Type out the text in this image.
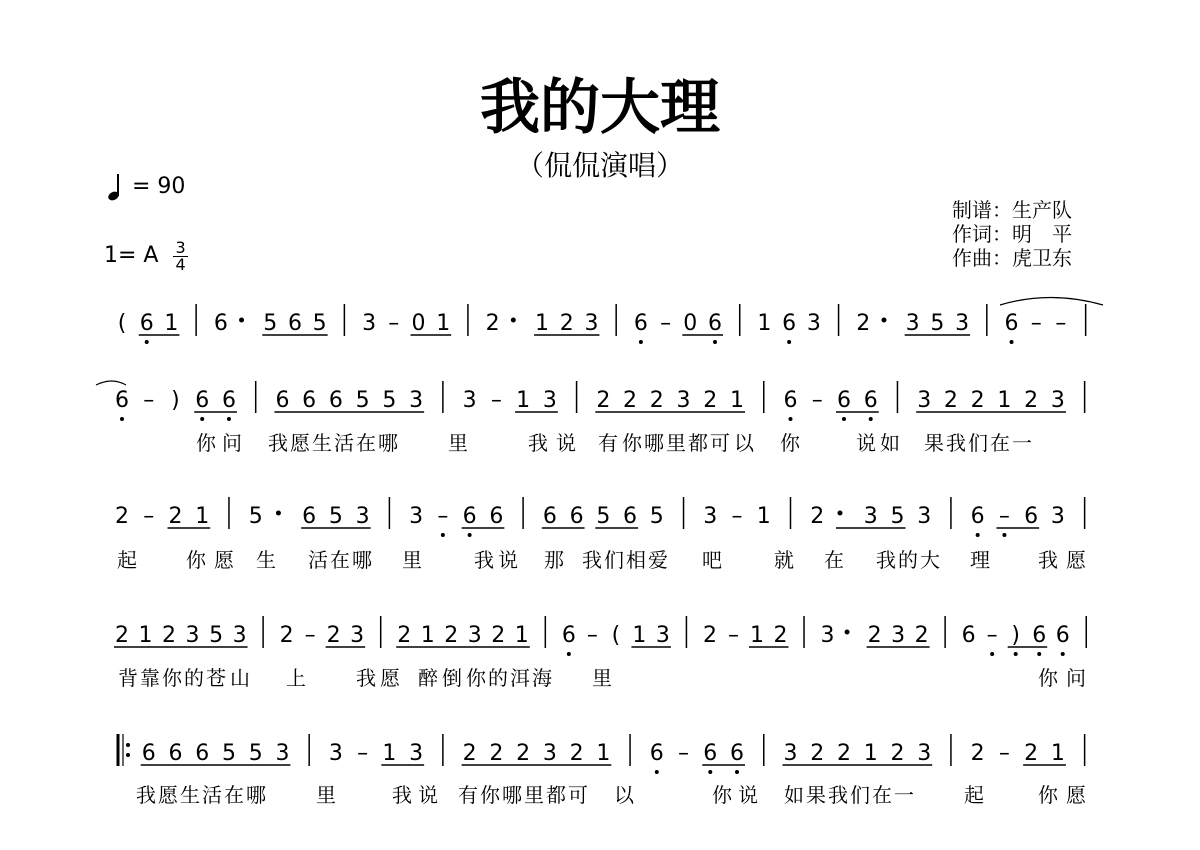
我的大理
（侃侃演唱）
= 90
1= A $\frac{3}{4}$
制谱：生产队
作词：明　平
作曲：虎卫东
( 6 1 6 5 6 5 3 – 0 1 2 1 2 3 6 – 0 6 1 6 3 2 3 5 3 6 – –
6 – ) 6 6 6 6 6 5 5 3 3 – 1 3 2 2 2 3 2 1 6 – 6 6 3 2 2 1 2 3
你 问 我 愿 生 活 在 哪	里	我 说 有 你 哪 里 都 可 以 你	说 如 果 我 们 在 一
2 – 2 1 5 6 5 3 3 – 6 6 6 6 5 6 5 3 – 1 2 3 5 3 6 – 6 3
起 你 愿 生 活 在 哪 里	我 说 那 我 们 相 爱 吧	就 在 我 的 大 理 我 愿
2 1 2 3 5 3 2 – 2 3 2 1 2 3 2 1 6 – ( 1 3 2 – 1 2 3 2 3 2 6 – ) 6 6
背 靠 你 的 苍 山 上	我 愿 醉 倒 你 的 洱 海 里	你 问
6 6 6 5 5 3 3 – 1 3 2 2 2 3 2 1 6 – 6 6 3 2 2 1 2 3 2 – 2 1
我 愿 生 活 在 哪	里	我 说 有 你 哪 里 都 可 以	你 说 如 果 我 们 在 一	起	你 愿
